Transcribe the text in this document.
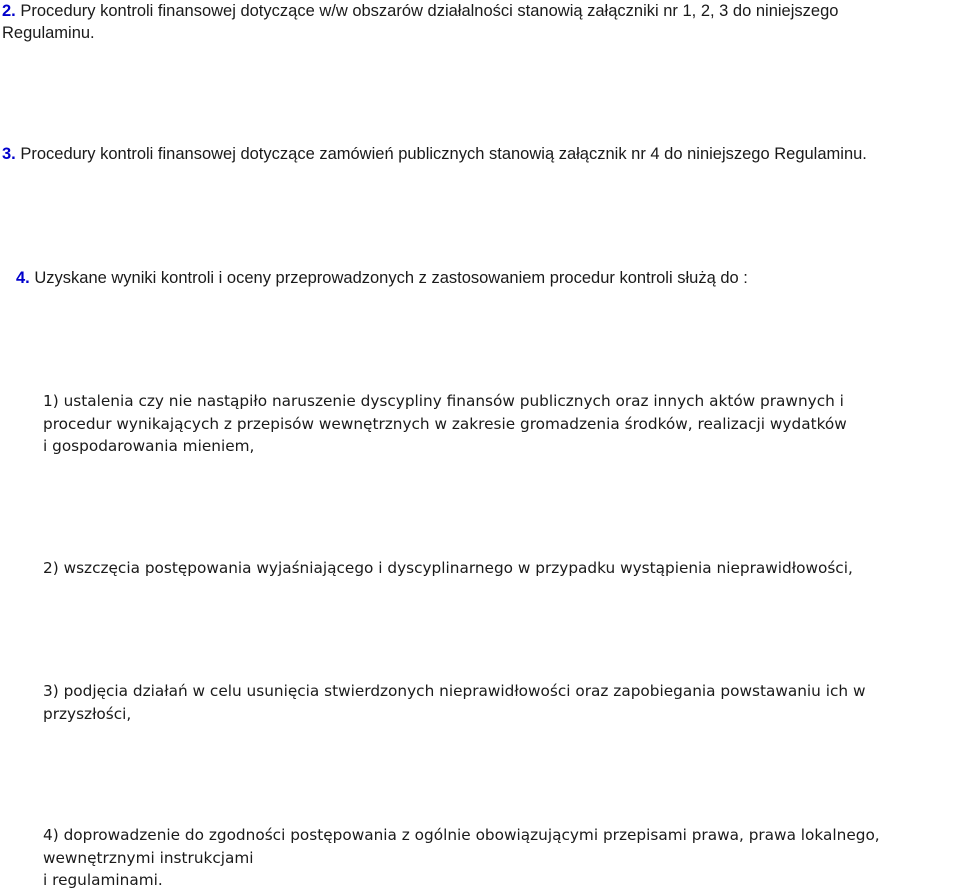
2. Procedury kontroli finansowej dotyczące w/w obszarów działalności stanowią załączniki nr 1, 2, 3 do niniejszego
Regulaminu.
3. Procedury kontroli finansowej dotyczące zamówień publicznych stanowią załącznik nr 4 do niniejszego Regulaminu.
4. Uzyskane wyniki kontroli i oceny przeprowadzonych z zastosowaniem procedur kontroli służą do :
1) ustalenia czy nie nastąpiło naruszenie dyscypliny finansów publicznych oraz innych aktów prawnych i
procedur wynikających z przepisów wewnętrznych w zakresie gromadzenia środków, realizacji wydatków
i gospodarowania mieniem,
2) wszczęcia postępowania wyjaśniającego i dyscyplinarnego w przypadku wystąpienia nieprawidłowości,
3) podjęcia działań w celu usunięcia stwierdzonych nieprawidłowości oraz zapobiegania powstawaniu ich w
przyszłości,
4) doprowadzenie do zgodności postępowania z ogólnie obowiązującymi przepisami prawa, prawa lokalnego,
wewnętrznymi instrukcjami
i regulaminami.
